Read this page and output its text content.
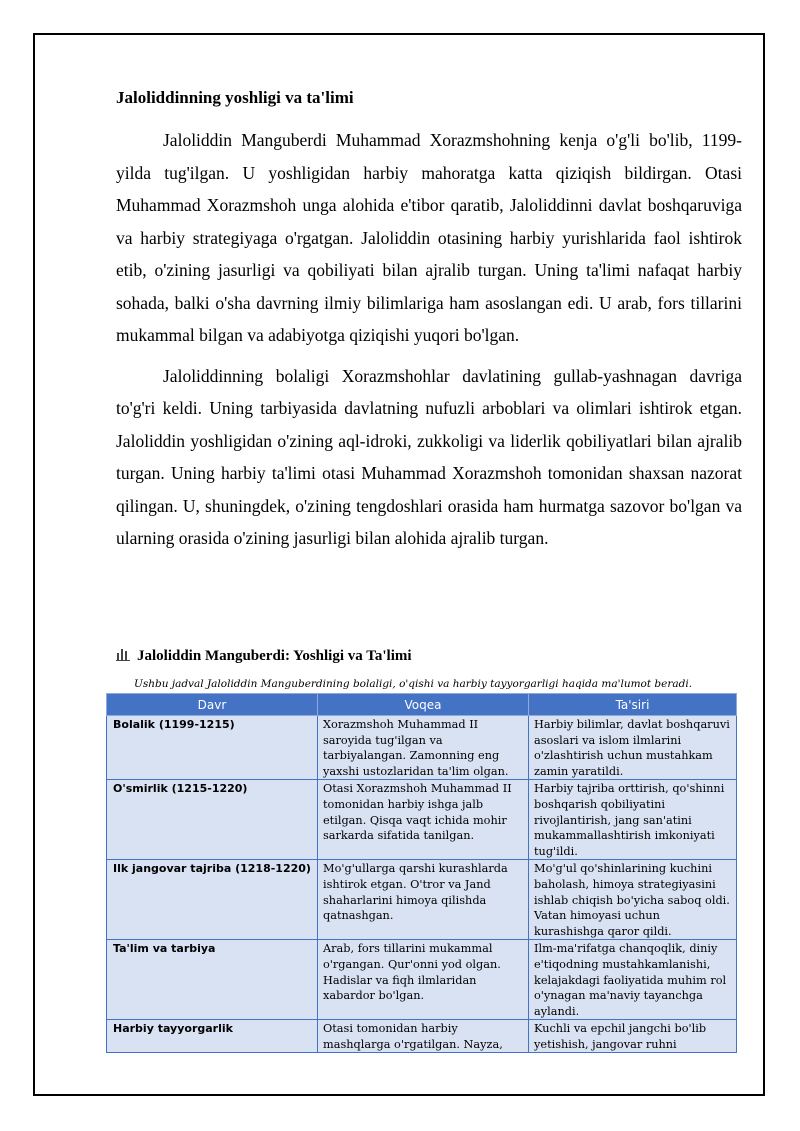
Jaloliddinning yoshligi va ta'limi

Jaloliddin Manguberdi Muhammad Xorazmshohning kenja o'g'li bo'lib, 1199-yilda tug'ilgan. U yoshligidan harbiy mahoratga katta qiziqish bildirgan. Otasi Muhammad Xorazmshoh unga alohida e'tibor qaratib, Jaloliddinni davlat boshqaruviga va harbiy strategiyaga o'rgatgan. Jaloliddin otasining harbiy yurishlarida faol ishtirok etib, o'zining jasurligi va qobiliyati bilan ajralib turgan. Uning ta'limi nafaqat harbiy sohada, balki o'sha davrning ilmiy bilimlariga ham asoslangan edi. U arab, fors tillarini mukammal bilgan va adabiyotga qiziqishi yuqori bo'lgan.

Jaloliddinning bolaligi Xorazmshohlar davlatining gullab-yashnagan davriga to'g'ri keldi. Uning tarbiyasida davlatning nufuzli arboblari va olimlari ishtirok etgan. Jaloliddin yoshligidan o'zining aql-idroki, zukkoligi va liderlik qobiliyatlari bilan ajralib turgan. Uning harbiy ta'limi otasi Muhammad Xorazmshoh tomonidan shaxsan nazorat qilingan. U, shuningdek, o'zining tengdoshlari orasida ham hurmatga sazovor bo'lgan va ularning orasida o'zining jasurligi bilan alohida ajralib turgan.

Jaloliddin Manguberdi: Yoshligi va Ta'limi
Ushbu jadval Jaloliddin Manguberdining bolaligi, o'qishi va harbiy tayyorgarligi haqida ma'lumot beradi.
Davr	Voqea	Ta'siri
Bolalik (1199-1215)	Xorazmshoh Muhammad II saroyida tug'ilgan va tarbiyalangan. Zamonning eng yaxshi ustozlaridan ta'lim olgan.	Harbiy bilimlar, davlat boshqaruvi asoslari va islom ilmlarini o'zlashtirish uchun mustahkam zamin yaratildi.
O'smirlik (1215-1220)	Otasi Xorazmshoh Muhammad II tomonidan harbiy ishga jalb etilgan. Qisqa vaqt ichida mohir sarkarda sifatida tanilgan.	Harbiy tajriba orttirish, qo'shinni boshqarish qobiliyatini rivojlantirish, jang san'atini mukammallashtirish imkoniyati tug'ildi.
Ilk jangovar tajriba (1218-1220)	Mo'g'ullarga qarshi kurashlarda ishtirok etgan. O'tror va Jand shaharlarini himoya qilishda qatnashgan.	Mo'g'ul qo'shinlarining kuchini baholash, himoya strategiyasini ishlab chiqish bo'yicha saboq oldi. Vatan himoyasi uchun kurashishga qaror qildi.
Ta'lim va tarbiya	Arab, fors tillarini mukammal o'rgangan. Qur'onni yod olgan. Hadislar va fiqh ilmlaridan xabardor bo'lgan.	Ilm-ma'rifatga chanqoqlik, diniy e'tiqodning mustahkamlanishi, kelajakdagi faoliyatida muhim rol o'ynagan ma'naviy tayanchga aylandi.
Harbiy tayyorgarlik	Otasi tomonidan harbiy mashqlarga o'rgatilgan. Nayza,	Kuchli va epchil jangchi bo'lib yetishish, jangovar ruhni
